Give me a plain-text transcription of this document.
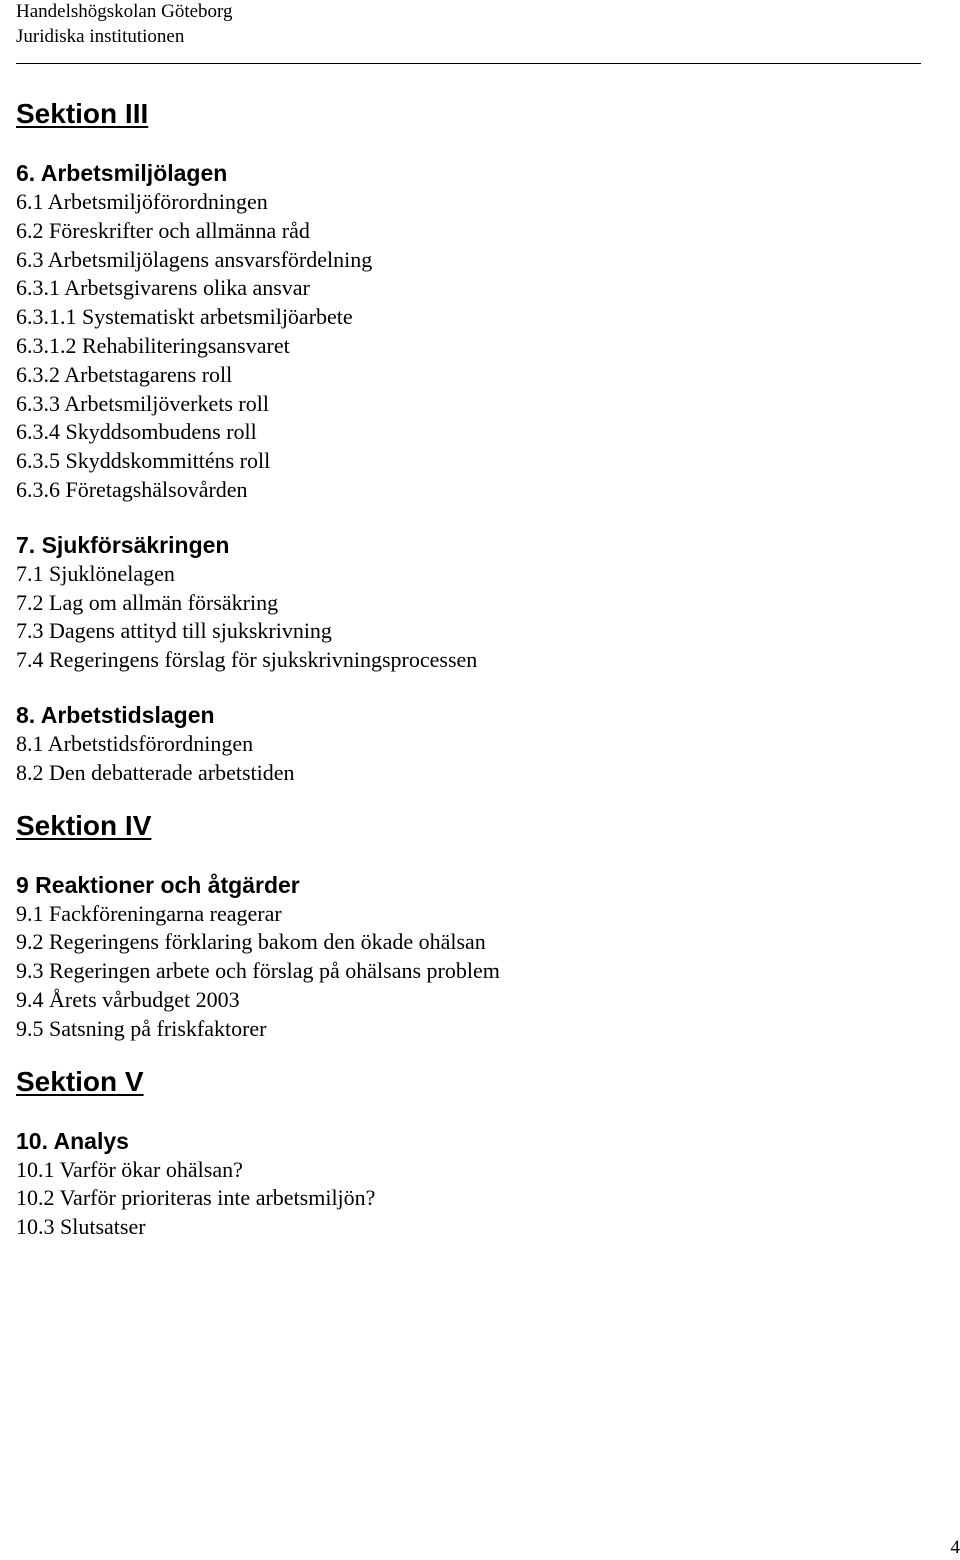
Handelshögskolan Göteborg
Juridiska institutionen
Sektion III
6. Arbetsmiljölagen
6.1 Arbetsmiljöförordningen
6.2 Föreskrifter och allmänna råd
6.3 Arbetsmiljölagens ansvarsfördelning
6.3.1 Arbetsgivarens olika ansvar
6.3.1.1 Systematiskt arbetsmiljöarbete
6.3.1.2 Rehabiliteringsansvaret
6.3.2 Arbetstagarens roll
6.3.3 Arbetsmiljöverkets roll
6.3.4 Skyddsombudens roll
6.3.5 Skyddskommitténs roll
6.3.6 Företagshälsovården
7. Sjukförsäkringen
7.1 Sjuklönelagen
7.2 Lag om allmän försäkring
7.3 Dagens attityd till sjukskrivning
7.4 Regeringens förslag för sjukskrivningsprocessen
8. Arbetstidslagen
8.1 Arbetstidsförordningen
8.2 Den debatterade arbetstiden
Sektion IV
9 Reaktioner och åtgärder
9.1 Fackföreningarna reagerar
9.2 Regeringens förklaring bakom den ökade ohälsan
9.3 Regeringen arbete och förslag på ohälsans problem
9.4 Årets vårbudget 2003
9.5 Satsning på friskfaktorer
Sektion V
10. Analys
10.1 Varför ökar ohälsan?
10.2 Varför prioriteras inte arbetsmiljön?
10.3 Slutsatser
4
